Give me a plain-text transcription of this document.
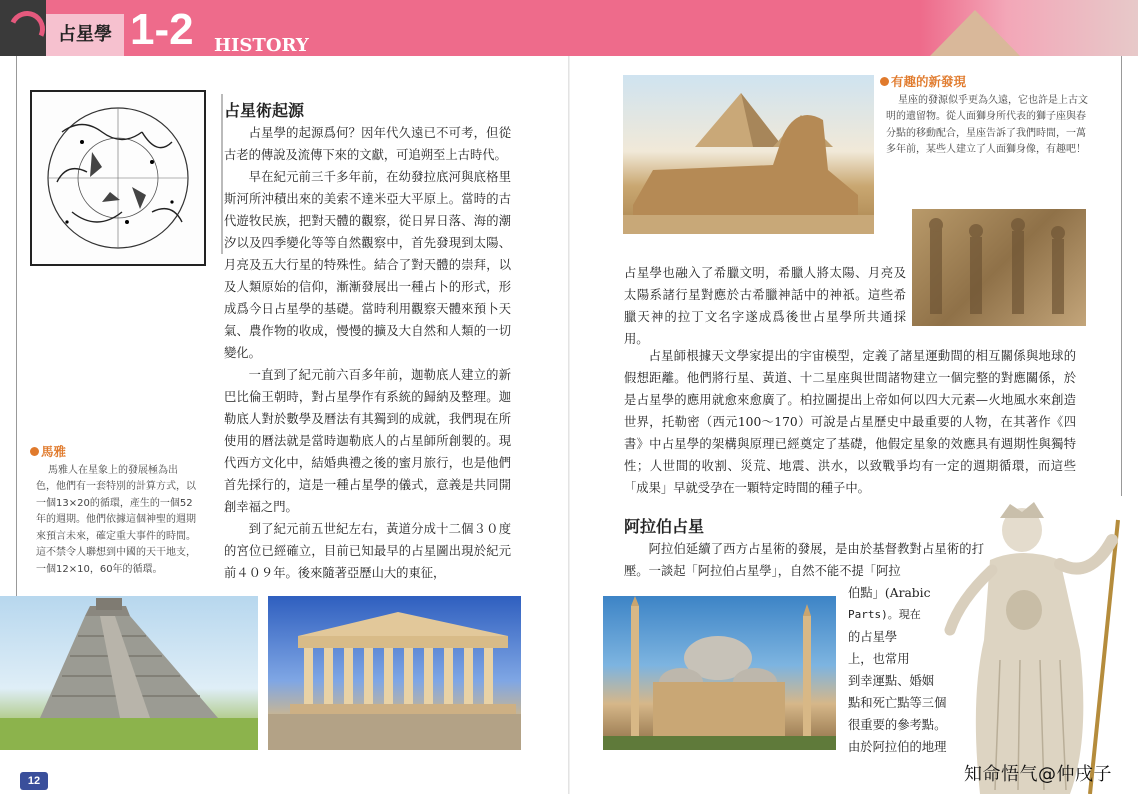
占星學 1-2 HISTORY
占星術起源

占星學的起源爲何？因年代久遠已不可考，但從古老的傳說及流傳下來的文獻，可追朔至上古時代。

早在紀元前三千多年前，在幼發拉底河與底格里斯河所沖積出來的美索不達米亞大平原上。當時的古代遊牧民族，把對天體的觀察，從日昇日落、海的潮汐以及四季變化等等自然觀察中，首先發現到太陽、月亮及五大行星的特殊性。結合了對天體的崇拜，以及人類原始的信仰，漸漸發展出一種占卜的形式，形成爲今日占星學的基礎。當時利用觀察天體來預卜天氣、農作物的收成，慢慢的擴及大自然和人類的一切變化。

一直到了紀元前六百多年前，迦勒底人建立的新巴比倫王朝時，對占星學作有系統的歸納及整理。迦勒底人對於數學及曆法有其獨到的成就，我們現在所使用的曆法就是當時迦勒底人的占星師所創製的。現代西方文化中，結婚典禮之後的蜜月旅行，也是他們首先採行的，這是一種占星學的儀式，意義是共同開創幸福之門。

到了紀元前五世紀左右，黃道分成十二個３０度的宮位已經確立，目前已知最早的占星圖出現於紀元前４０９年。後來隨著亞歷山大的東征，

馬雅
馬雅人在星象上的發展極為出色，他們有一套特別的計算方式，以一個13×20的循環，產生的一個52年的週期。他們依據這個神聖的週期來預言未來，確定重大事件的時間。這不禁令人聯想到中國的天干地支，一個12×10，60年的循環。
12
有趣的新發現
星座的發源似乎更為久遠，它也許是上古文明的遺留物。從人面獅身所代表的獅子座與春分點的移動配合，星座告訴了我們時間，一萬多年前，某些人建立了人面獅身像，有趣吧！

占星學也融入了希臘文明，希臘人將太陽、月亮及太陽系諸行星對應於古希臘神話中的神祇。這些希臘天神的拉丁文名字遂成爲後世占星學所共通採用。

占星師根據天文學家提出的宇宙模型，定義了諸星運動間的相互關係與地球的假想距離。他們將行星、黃道、十二星座與世間諸物建立一個完整的對應關係，於是占星學的應用就愈來愈廣了。柏拉圖提出上帝如何以四大元素—火地風水來創造世界，托勒密（西元100～170）可說是占星歷史中最重要的人物，在其著作《四書》中占星學的架構與原理已經奠定了基礎，他假定星象的效應具有週期性與獨特性；人世間的收割、災荒、地震、洪水，以致戰爭均有一定的週期循環，而這些「成果」早就受孕在一顆特定時間的種子中。

阿拉伯占星

阿拉伯延續了西方占星術的發展，是由於基督教對占星術的打壓。一談起「阿拉伯占星學」，自然不能不提「阿拉

伯點」(Arabic
Parts)。現在
的占星學
上，也常用
到幸運點、婚姻
點和死亡點等三個
很重要的參考點。
由於阿拉伯的地理
知命悟气@仲戌子
